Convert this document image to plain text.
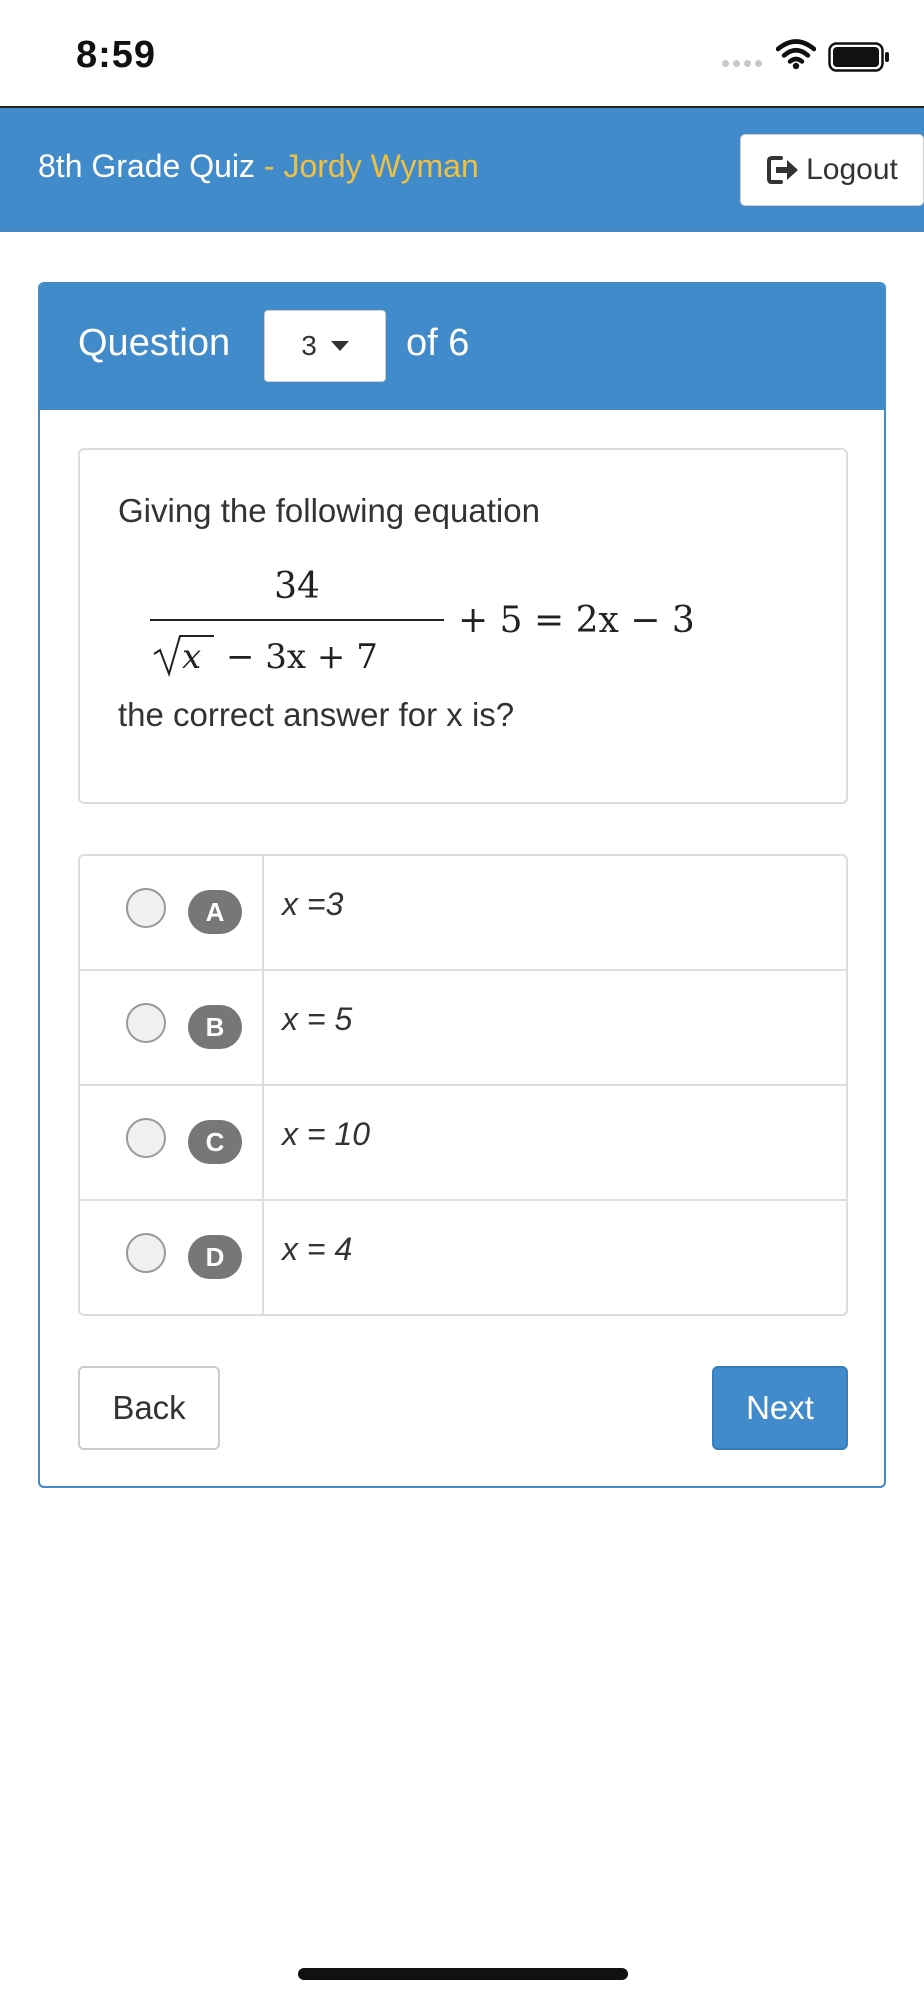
8:59
8th Grade Quiz - Jordy Wyman	Logout
Question	3 of 6
Giving the following equation
34
x − 3x + 7
+ 5 = 2x − 3
the correct answer for x is?
A	x =3
B	x = 5
C	x = 10
D	x = 4
Back	Next
